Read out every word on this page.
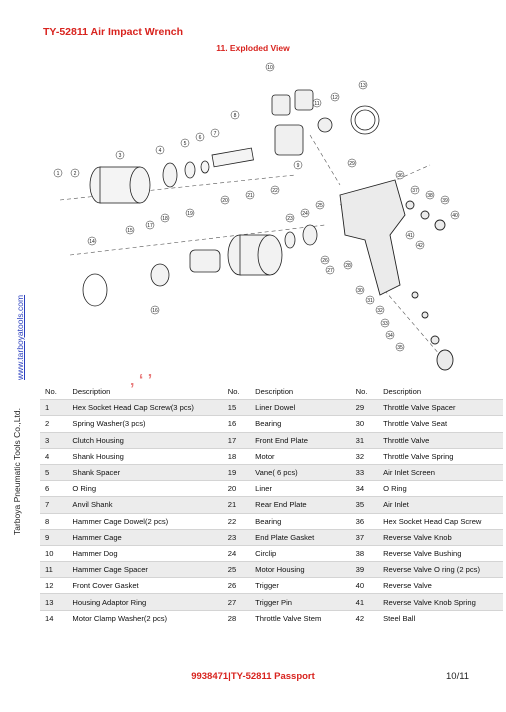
TY-52811 Air Impact Wrench
11. Exploded View
www.tarboyatools.com
Tarboya Pneumatic Tools Co.,Ltd.
1	2
3
4
5
6
7
8
9
10
11
12
13
14
15
16
17
18
19
20
21
22
23
24
25
26
27
28
29
30
31
32
33
34
35
36
37
38
39
40
41
42
‚ ‘ ’
No.	Description	No.	Description	No.	Description
1	Hex Socket Head Cap Screw(3 pcs)	15	Liner Dowel	29	Throttle Valve Spacer
2	Spring Washer(3 pcs)	16	Bearing	30	Throttle Valve Seat
3	Clutch Housing	17	Front End Plate	31	Throttle Valve
4	Shank Housing	18	Motor	32	Throttle Valve Spring
5	Shank Spacer	19	Vane( 6 pcs)	33	Air Inlet Screen
6	O Ring	20	Liner	34	O Ring
7	Anvil Shank	21	Rear End Plate	35	Air Inlet
8	Hammer Cage Dowel(2 pcs)	22	Bearing	36	Hex Socket Head Cap Screw
9	Hammer Cage	23	End Plate Gasket	37	Reverse Valve Knob
10	Hammer Dog	24	Circlip	38	Reverse Valve Bushing
11	Hammer Cage Spacer	25	Motor Housing	39	Reverse Valve O ring (2 pcs)
12	Front Cover Gasket	26	Trigger	40	Reverse Valve
13	Housing Adaptor Ring	27	Trigger Pin	41	Reverse Valve Knob Spring
14	Motor Clamp Washer(2 pcs)	28	Throttle Valve Stem	42	Steel Ball
9938471|TY-52811 Passport	10/11
